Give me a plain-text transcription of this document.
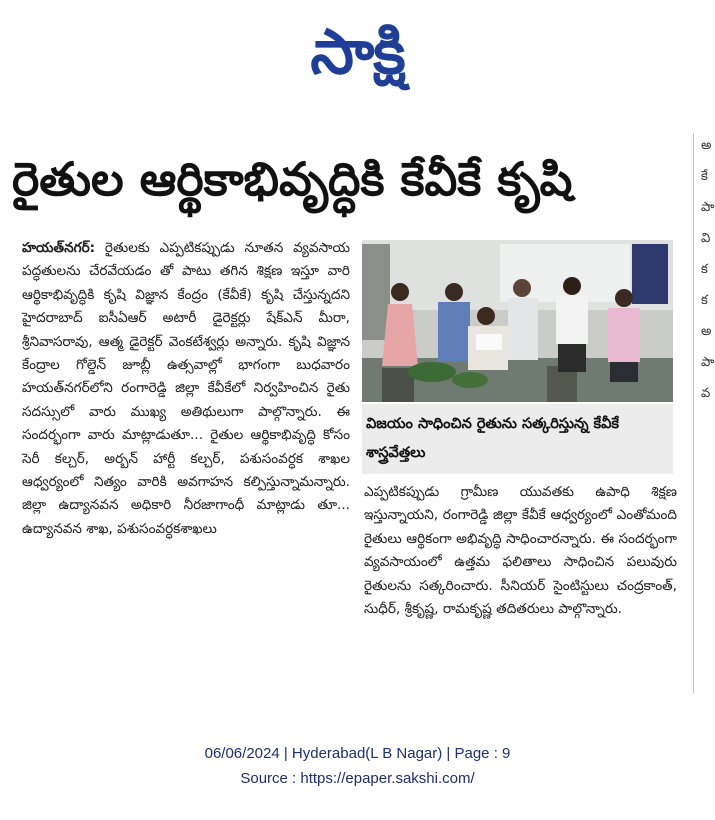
సాక్షి
అ
కే
పా
వి
క
క
అ
పా
వ

రైతుల ఆర్థికాభివృద్ధికి కేవీకే కృషి
హయత్‌నగర్‌: రైతులకు ఎప్పటికప్పుడు నూతన వ్యవసాయ పద్ధతులను చేరవేయడం తో పాటు తగిన శిక్షణ ఇస్తూ వారి ఆర్థికాభివృద్ధికి కృషి విజ్ఞాన కేంద్రం (కేవీకే) కృషి చేస్తున్నదని హైదరాబాద్‌ ఐసీఏఆర్‌ అటారీ డైరెక్టర్లు షేక్‌ఎన్‌ మీరా, శ్రీనివాసరావు, ఆత్మ డైరెక్టర్‌ వెంకటేశ్వర్లు అన్నారు. కృషి విజ్ఞాన కేంద్రాల గోల్డెన్‌ జూబ్లీ ఉత్సవాల్లో భాగంగా బుధవారం హయత్‌నగర్‌లోని రంగారెడ్డి జిల్లా కేవీకేలో నిర్వహించిన రైతు సదస్సులో వారు ముఖ్య అతిథులుగా పాల్గొన్నారు. ఈ సందర్భంగా వారు మాట్లాడుతూ... రైతుల ఆర్థికాభివృద్ధి కోసం సెరీ కల్చర్‌, అర్బన్‌ హార్టీ కల్చర్‌, పశుసంవర్ధక శాఖల ఆధ్వర్యంలో నిత్యం వారికి అవగాహన కల్పిస్తున్నామన్నారు. జిల్లా ఉద్యానవన అధికారి నీరజాగాంధీ మాట్లాడు తూ... ఉద్యానవన శాఖ, పశుసంవర్ధకశాఖలు
విజయం సాధించిన రైతును సత్కరిస్తున్న కేవీకే శాస్త్రవేత్తలు
ఎప్పటికప్పుడు గ్రామీణ యువతకు ఉపాధి శిక్షణ ఇస్తున్నాయని, రంగారెడ్డి జిల్లా కేవీకే ఆధ్వర్యంలో ఎంతోమంది రైతులు ఆర్థికంగా అభివృద్ధి సాధించారన్నారు. ఈ సందర్భంగా వ్యవసాయంలో ఉత్తమ ఫలితాలు సాధించిన పలువురు రైతులను సత్కరించారు. సీనియర్‌ సైంటిస్టులు చంద్రకాంత్‌, సుధీర్‌, శ్రీకృష్ణ, రామకృష్ణ తదితరులు పాల్గొన్నారు.
06/06/2024 | Hyderabad(L B Nagar) | Page : 9
Source : https://epaper.sakshi.com/
